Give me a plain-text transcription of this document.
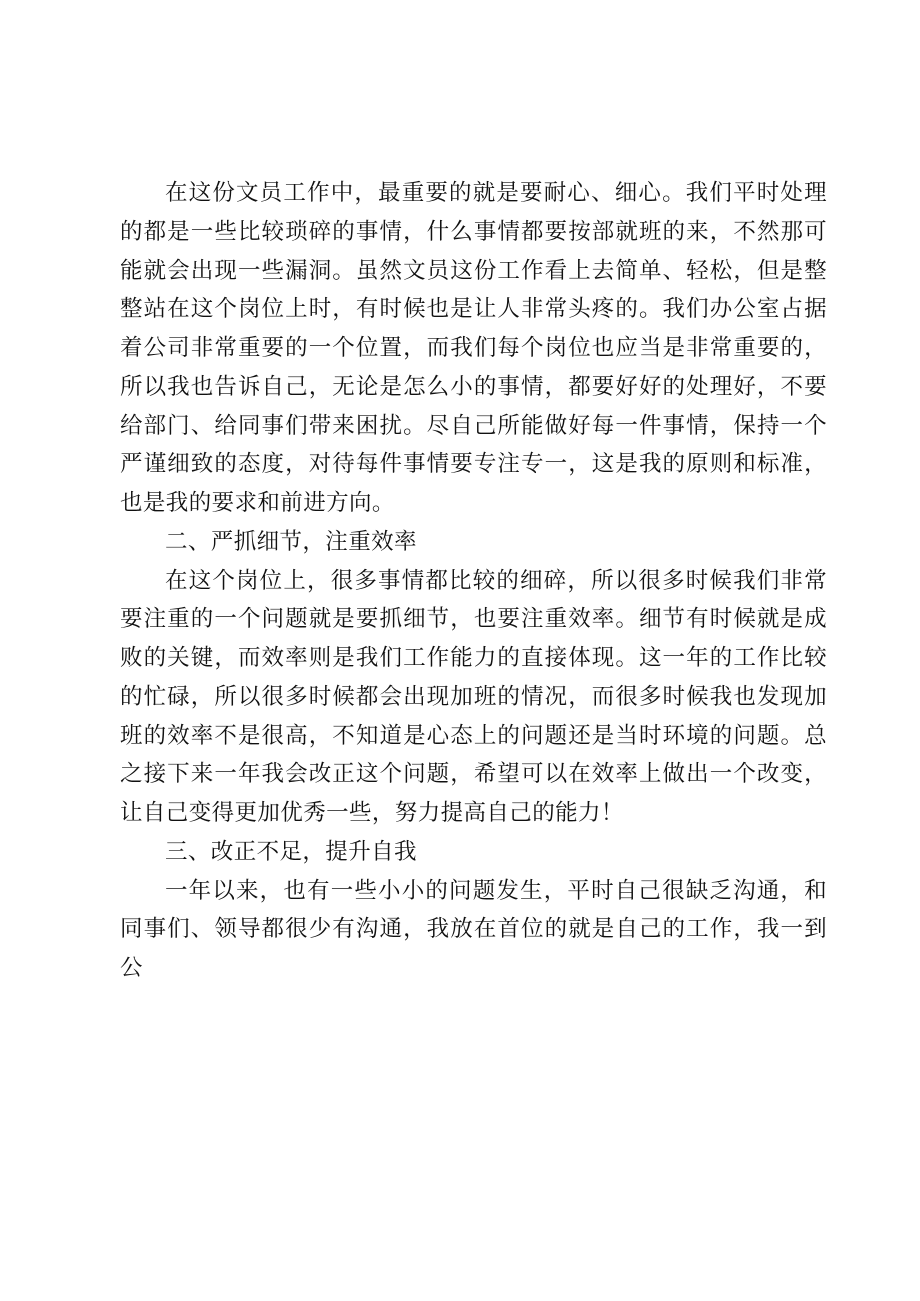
在这份文员工作中，最重要的就是要耐心、细心。我们平时处理的都是一些比较琐碎的事情，什么事情都要按部就班的来，不然那可能就会出现一些漏洞。虽然文员这份工作看上去简单、轻松，但是整整站在这个岗位上时，有时候也是让人非常头疼的。我们办公室占据着公司非常重要的一个位置，而我们每个岗位也应当是非常重要的，所以我也告诉自己，无论是怎么小的事情，都要好好的处理好，不要给部门、给同事们带来困扰。尽自己所能做好每一件事情，保持一个严谨细致的态度，对待每件事情要专注专一，这是我的原则和标准，也是我的要求和前进方向。

二、严抓细节，注重效率

在这个岗位上，很多事情都比较的细碎，所以很多时候我们非常要注重的一个问题就是要抓细节，也要注重效率。细节有时候就是成败的关键，而效率则是我们工作能力的直接体现。这一年的工作比较的忙碌，所以很多时候都会出现加班的情况，而很多时候我也发现加班的效率不是很高，不知道是心态上的问题还是当时环境的问题。总之接下来一年我会改正这个问题，希望可以在效率上做出一个改变，让自己变得更加优秀一些，努力提高自己的能力！

三、改正不足，提升自我

一年以来，也有一些小小的问题发生，平时自己很缺乏沟通，和同事们、领导都很少有沟通，我放在首位的就是自己的工作，我一到公
